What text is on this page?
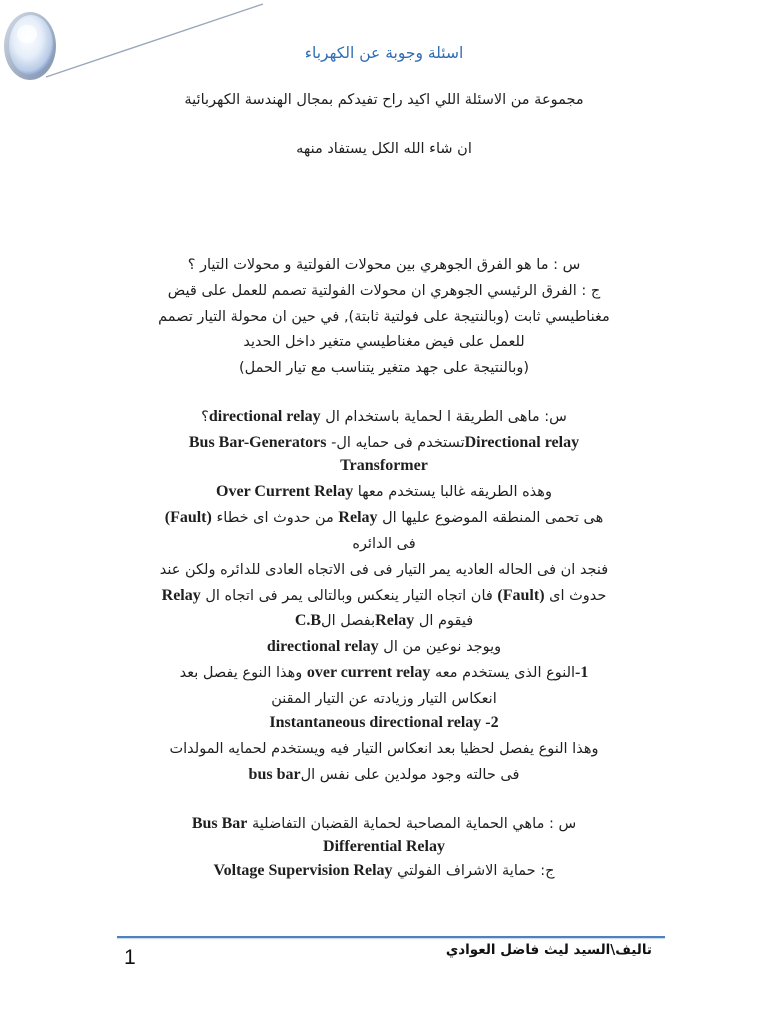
اسئلة وجوبة عن الكهرباء
مجموعة من الاسئلة اللي اكيد راح تفيدكم بمجال الهندسة الكهربائية
ان شاء الله الكل يستفاد منهه
س : ما هو الفرق الجوهري بين محولات الفولتية و محولات التيار ؟
ج : الفرق الرئيسي الجوهري ان محولات الفولتية تصمم للعمل على قيض
مغناطيسي ثابت (وبالنتيجة على فولتية ثابتة), في حين ان محولة التيار تصمم
للعمل على فيض مغناطيسي متغير داخل الحديد
(وبالنتيجة على جهد متغير يتناسب مع تيار الحمل)
س: ماهى الطريقة ا لحماية باستخدام ال directional relay؟
Directional relayتستخدم فى حمايه ال- Bus Bar-Generators
Transformer
وهذه الطريقه غالبا يستخدم معها Over Current Relay
هى تحمى المنطقه الموضوع عليها ال Relay من حدوث اى خطاء (Fault)
فى الدائره
فنجد ان فى الحاله العاديه يمر التيار فى فى الاتجاه العادى للدائره ولكن عند
حدوث اى (Fault) فان اتجاه التيار ينعكس وبالتالى يمر فى اتجاه ال Relay
فيقوم ال Relayبفصل الC.B
ويوجد نوعين من ال directional relay
1-النوع الذى يستخدم معه over current relay وهذا النوع يفصل بعد
انعكاس التيار وزيادته عن التيار المقنن
2- Instantaneous directional relay
وهذا النوع يفصل لحظيا بعد انعكاس التيار فيه ويستخدم لحمايه المولدات
فى حالته وجود مولدين على نفس الbus bar
س : ماهي الحماية المصاحبة لحماية القضبان التفاضلية Bus Bar
Differential Relay
ج: حماية الاشراف الفولتي Voltage Supervision Relay
1	تاليف\السيد ليث فاضل العوادي
